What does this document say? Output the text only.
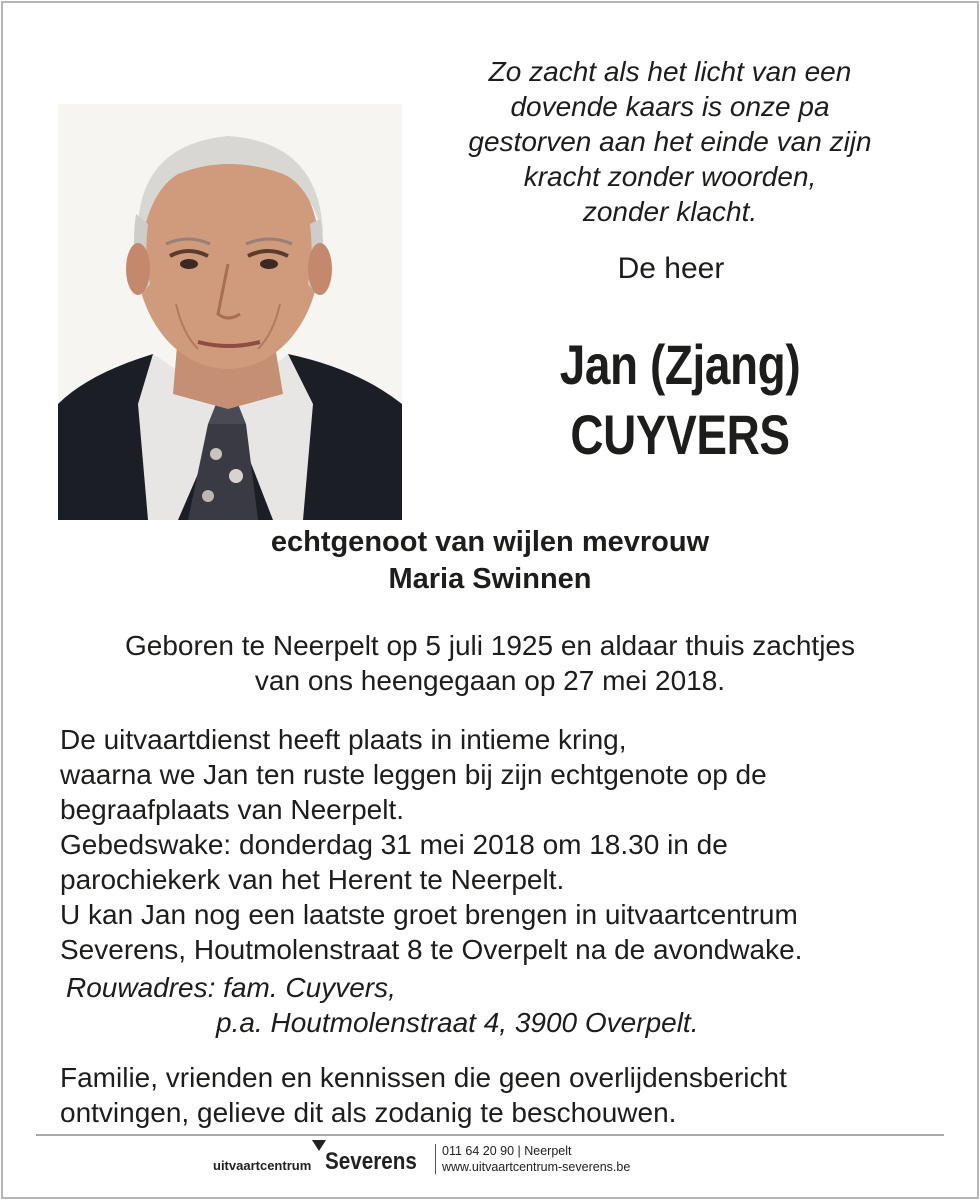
Zo zacht als het licht van een
dovende kaars is onze pa
gestorven aan het einde van zijn
kracht zonder woorden,
zonder klacht.
De heer
Jan (Zjang)
CUYVERS
echtgenoot van wijlen mevrouw
Maria Swinnen
Geboren te Neerpelt op 5 juli 1925 en aldaar thuis zachtjes
van ons heengegaan op 27 mei 2018.
De uitvaartdienst heeft plaats in intieme kring,
waarna we Jan ten ruste leggen bij zijn echtgenote op de
begraafplaats van Neerpelt.
Gebedswake: donderdag 31 mei 2018 om 18.30 in de
parochiekerk van het Herent te Neerpelt.
U kan Jan nog een laatste groet brengen in uitvaartcentrum
Severens, Houtmolenstraat 8 te Overpelt na de avondwake.
Rouwadres: fam. Cuyvers,
p.a. Houtmolenstraat 4, 3900 Overpelt.
Familie, vrienden en kennissen die geen overlijdensbericht
ontvingen, gelieve dit als zodanig te beschouwen.
uitvaartcentrum Severens 011 64 20 90 | Neerpelt
www.uitvaartcentrum-severens.be
